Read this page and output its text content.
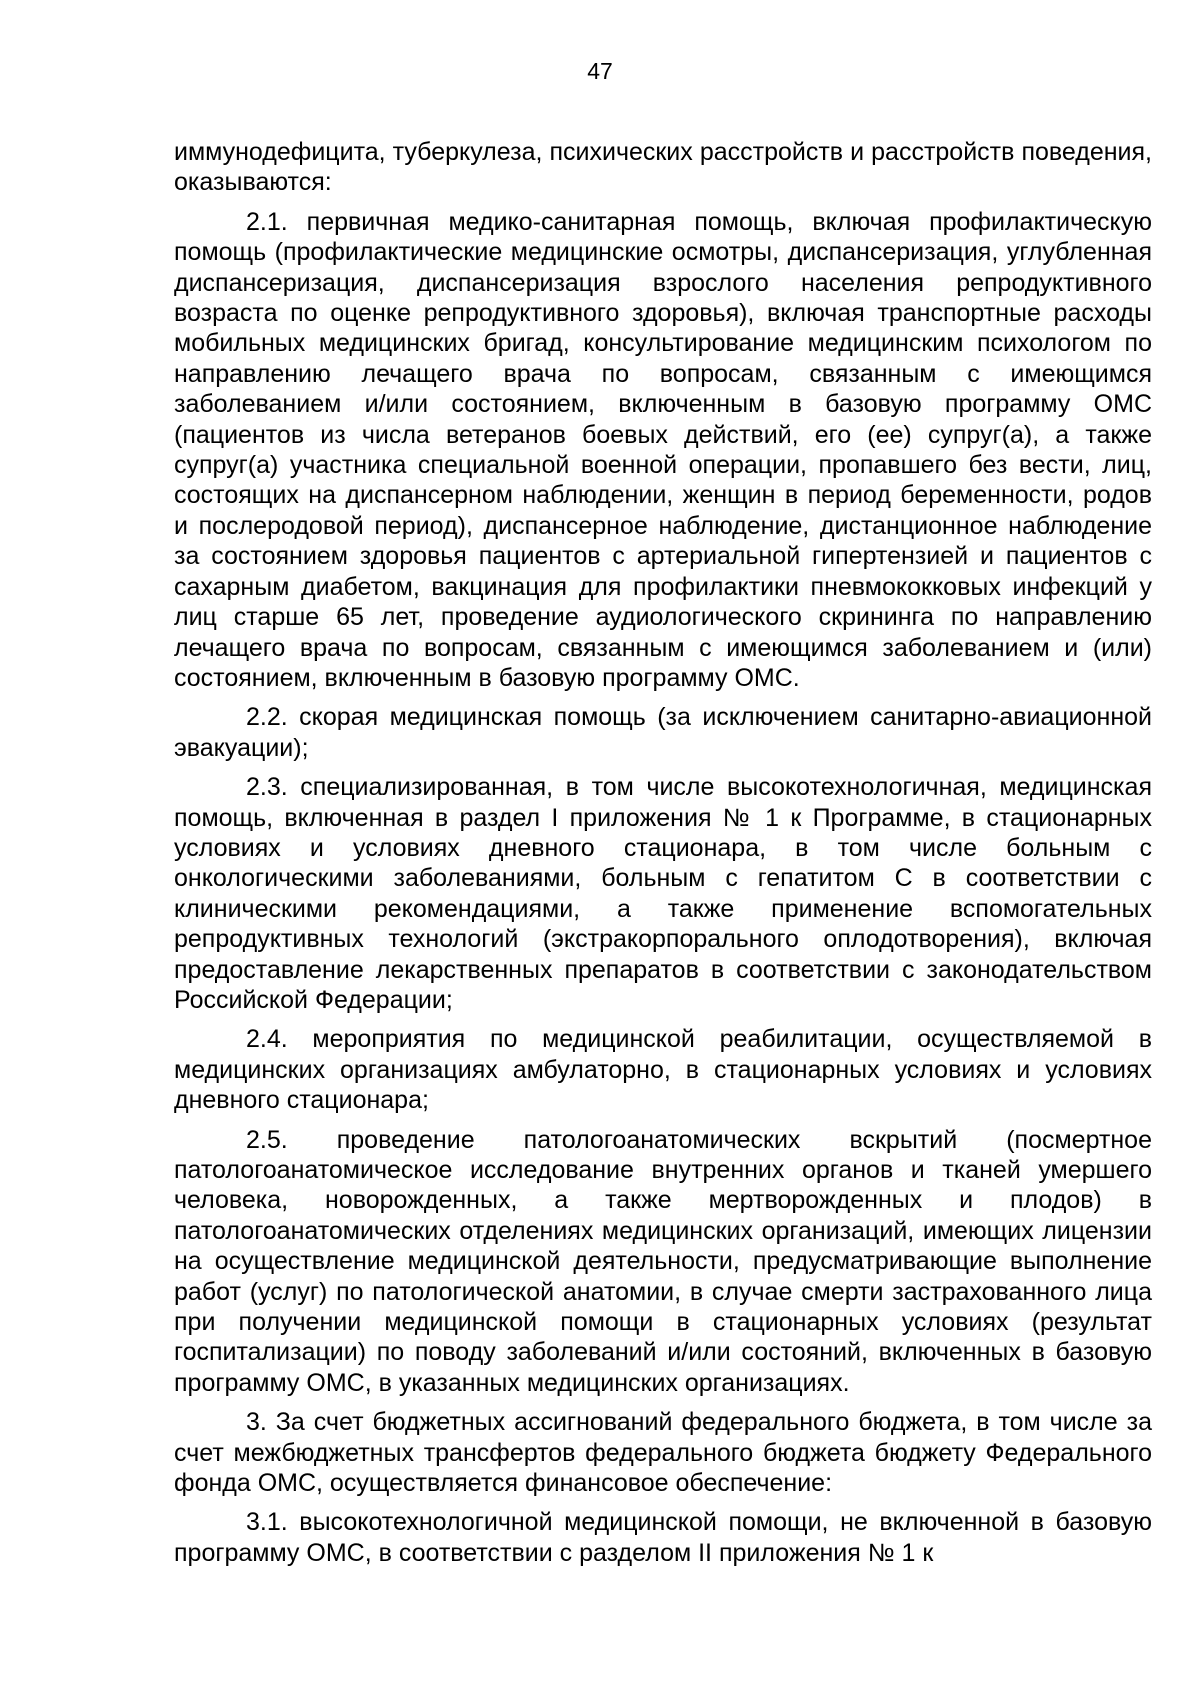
47

иммунодефицита, туберкулеза, психических расстройств и расстройств поведения, оказываются:

2.1. первичная медико-санитарная помощь, включая профилактическую помощь (профилактические медицинские осмотры, диспансеризация, углубленная диспансеризация, диспансеризация взрослого населения репродуктивного возраста по оценке репродуктивного здоровья), включая транспортные расходы мобильных медицинских бригад, консультирование медицинским психологом по направлению лечащего врача по вопросам, связанным с имеющимся заболеванием и/или состоянием, включенным в базовую программу ОМС (пациентов из числа ветеранов боевых действий, его (ее) супруг(а), а также супруг(а) участника специальной военной операции, пропавшего без вести, лиц, состоящих на диспансерном наблюдении, женщин в период беременности, родов и послеродовой период), диспансерное наблюдение, дистанционное наблюдение за состоянием здоровья пациентов с артериальной гипертензией и пациентов с сахарным диабетом, вакцинация для профилактики пневмококковых инфекций у лиц старше 65 лет, проведение аудиологического скрининга по направлению лечащего врача по вопросам, связанным с имеющимся заболеванием и (или) состоянием, включенным в базовую программу ОМС.

2.2. скорая медицинская помощь (за исключением санитарно-авиационной эвакуации);

2.3. специализированная, в том числе высокотехнологичная, медицинская помощь, включенная в раздел I приложения № 1 к Программе, в стационарных условиях и условиях дневного стационара, в том числе больным с онкологическими заболеваниями, больным с гепатитом С в соответствии с клиническими рекомендациями, а также применение вспомогательных репродуктивных технологий (экстракорпорального оплодотворения), включая предоставление лекарственных препаратов в соответствии с законодательством Российской Федерации;

2.4. мероприятия по медицинской реабилитации, осуществляемой в медицинских организациях амбулаторно, в стационарных условиях и условиях дневного стационара;

2.5. проведение патологоанатомических вскрытий (посмертное патологоанатомическое исследование внутренних органов и тканей умершего человека, новорожденных, а также мертворожденных и плодов) в патологоанатомических отделениях медицинских организаций, имеющих лицензии на осуществление медицинской деятельности, предусматривающие выполнение работ (услуг) по патологической анатомии, в случае смерти застрахованного лица при получении медицинской помощи в стационарных условиях (результат госпитализации) по поводу заболеваний и/или состояний, включенных в базовую программу ОМС, в указанных медицинских организациях.

3. За счет бюджетных ассигнований федерального бюджета, в том числе за счет межбюджетных трансфертов федерального бюджета бюджету Федерального фонда ОМС, осуществляется финансовое обеспечение:

3.1. высокотехнологичной медицинской помощи, не включенной в базовую программу ОМС, в соответствии с разделом II приложения № 1 к
